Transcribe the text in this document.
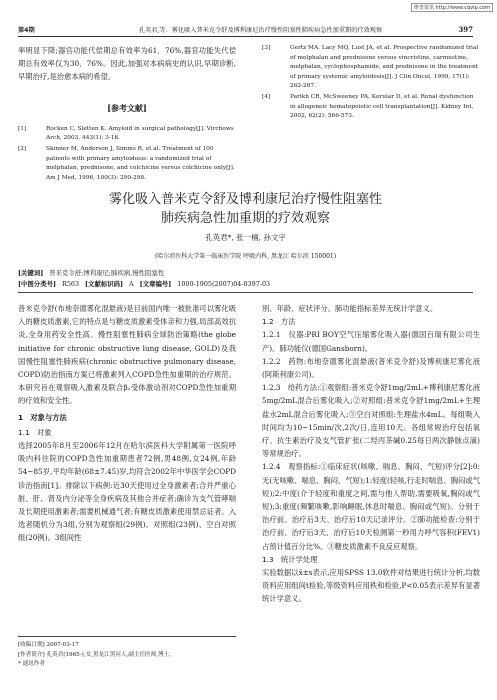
维普资讯 http://www.cqvip.com
第4期	孔英君,等．雾化吸入普米克令舒及博利康尼治疗慢性阻塞性肺疾病急性加重期的疗效观察	397

率明显下降;器官功能代偿期总有效率为61．76%,器官功能失代偿期总有效率仅为30．76%。因此,加强对本病病史的认识,早期诊断,早期治疗,是治愈本病的希望。

[参考文献]
[1]	Rocken C, Sletten K. Amyloid in surgical pathology[J]. Virchows Arch, 2003, 443(1): 3-16.
[2]	Skinner M, Anderson J, Simms R, et al. Treatment of 100 patients with primary amyloidosis: a randomized trial of melphalan, prednisone, and colchicine versus colchicine only[J]. Am J Med, 1996, 100(3): 290-298.
[3]	Gertz MA, Lacy MQ, Lust JA, et al. Prospective randomized trial of melphalan and prednisone versus vincristine, carmustine, melphalan, cyclophosphamide, and prednisone in the treatment of primary systemic amyloidosis[J]. J Clin Oncol, 1999, 17(1): 262-267.
[4]	Parikh CR, McSweeney PA, Korular D, et al. Renal dysfunction in allogeneic hematopoietic cell transplantation[J]. Kidney Int, 2002, 62(2): 566-573.
雾化吸入普米克令舒及博利康尼治疗慢性阻塞性
肺疾病急性加重期的疗效观察
孔英君*, 张一楠, 孙文宇
(哈尔滨医科大学第一临床医学院 呼吸内科, 黑龙江 哈尔滨 150001)
[关键词] 普米克令舒;博利康尼;肺疾病,慢性阻塞性
[中图分类号] R563 [文献标识码] A [文章编号] 1000-1905(2007)04-0397-03

普米克令舒(布地奈德雾化混悬液)是目前国内唯一被批准可以雾化吸入的糖皮质激素,它的特点是与糖皮质激素受体亲和力强,局部高效抗炎,全身用药安全性高。慢性阻塞性肺病全球防治策略(the globe initiative for chronic obstructive lung disease, GOLD)及我国慢性阻塞性肺疾病(chronic obstructive pulmonary disease, COPD)防治指南方案已将激素列入COPD急性加重期的治疗规范。本研究旨在观察吸入激素及联合β₂受体激动剂对COPD急性加重期的疗效和安全性。

1　对象与方法
1.1　对象

选择2005年8月至2006年12月在哈尔滨医科大学附属第一医院呼吸内科住院的COPD急性加重期患者72例,男48例,女24例,年龄54~85岁,平均年龄(68±7.45)岁,均符合2002年中华医学会COPD诊治指南[1]。排除以下病例:近30天使用过全身激素者;合并严重心脏、肝、肾及内分泌等全身疾病及其他合并症者;确诊为支气管哮喘及长期使用激素者;需要机械通气者;有糖皮质激素使用禁忌证者。入选者随机分为3组,分别为观察组(29例)、对照组(23例)、空白对照组(20例)。3组间性

别、年龄、症状评分、肺功能指标差异无统计学意义。

1.2　方法

1.2.1　仪器:PRI BOY空气压缩雾化吸入器(德国百瑞有限公司生产)。肺功能仪(德国Gansborn)。

1.2.2　药物:布地奈德雾化混悬液(普米克令舒)及博利康尼雾化液(阿斯利康公司)。

1.2.3　给药方法:①观察组:普米克令舒1mg/2mL+博利康尼雾化液5mg/2mL混合后雾化吸入;②对照组:普米克令舒1mg/2mL+生理盐水2mL混合后雾化吸入;③空白对照组:生理盐水4mL。每组吸入时间均为10~15min/次,2次/日,连用10天。各组常规治疗包括氧疗、抗生素治疗及支气管扩张(二羟丙茶碱0.25每日两次静脉点滴)等常规治疗。

1.2.4　观察指标:①临床症状(咳嗽、喘息、胸闷、气短)评分[2]:0:无(无咳嗽、喘息、胸闷、气短);1:轻度(轻咳,行走时喘息、胸闷或气短);2:中度(介于轻度和重度之间,需与他人帮助,需要吸氧,胸闷或气短);3:重度(频繁咳嗽,影响睡眠,休息时喘息、胸闷或气短)。分别于治疗前、治疗后3天、治疗后10天记录评分。②肺功能检查:分别于治疗前、治疗后3天、治疗后10天检测第一秒用力呼气容积(FEV1)占预计值百分比%。③糖皮质激素不良反应观察。

1.3　统计学处理

实验数据以x̄±s表示,应用SPSS 13.0软件对结果进行统计分析,均数资料应用组间t检验,等级资料应用秩和检验,P<0.05表示差异有显著统计学意义。

[收稿日期] 2007-03-17
[作者简介] 孔英君(1965-),女,黑龙江黑河人,副主任医师,博士。
* 通讯作者
